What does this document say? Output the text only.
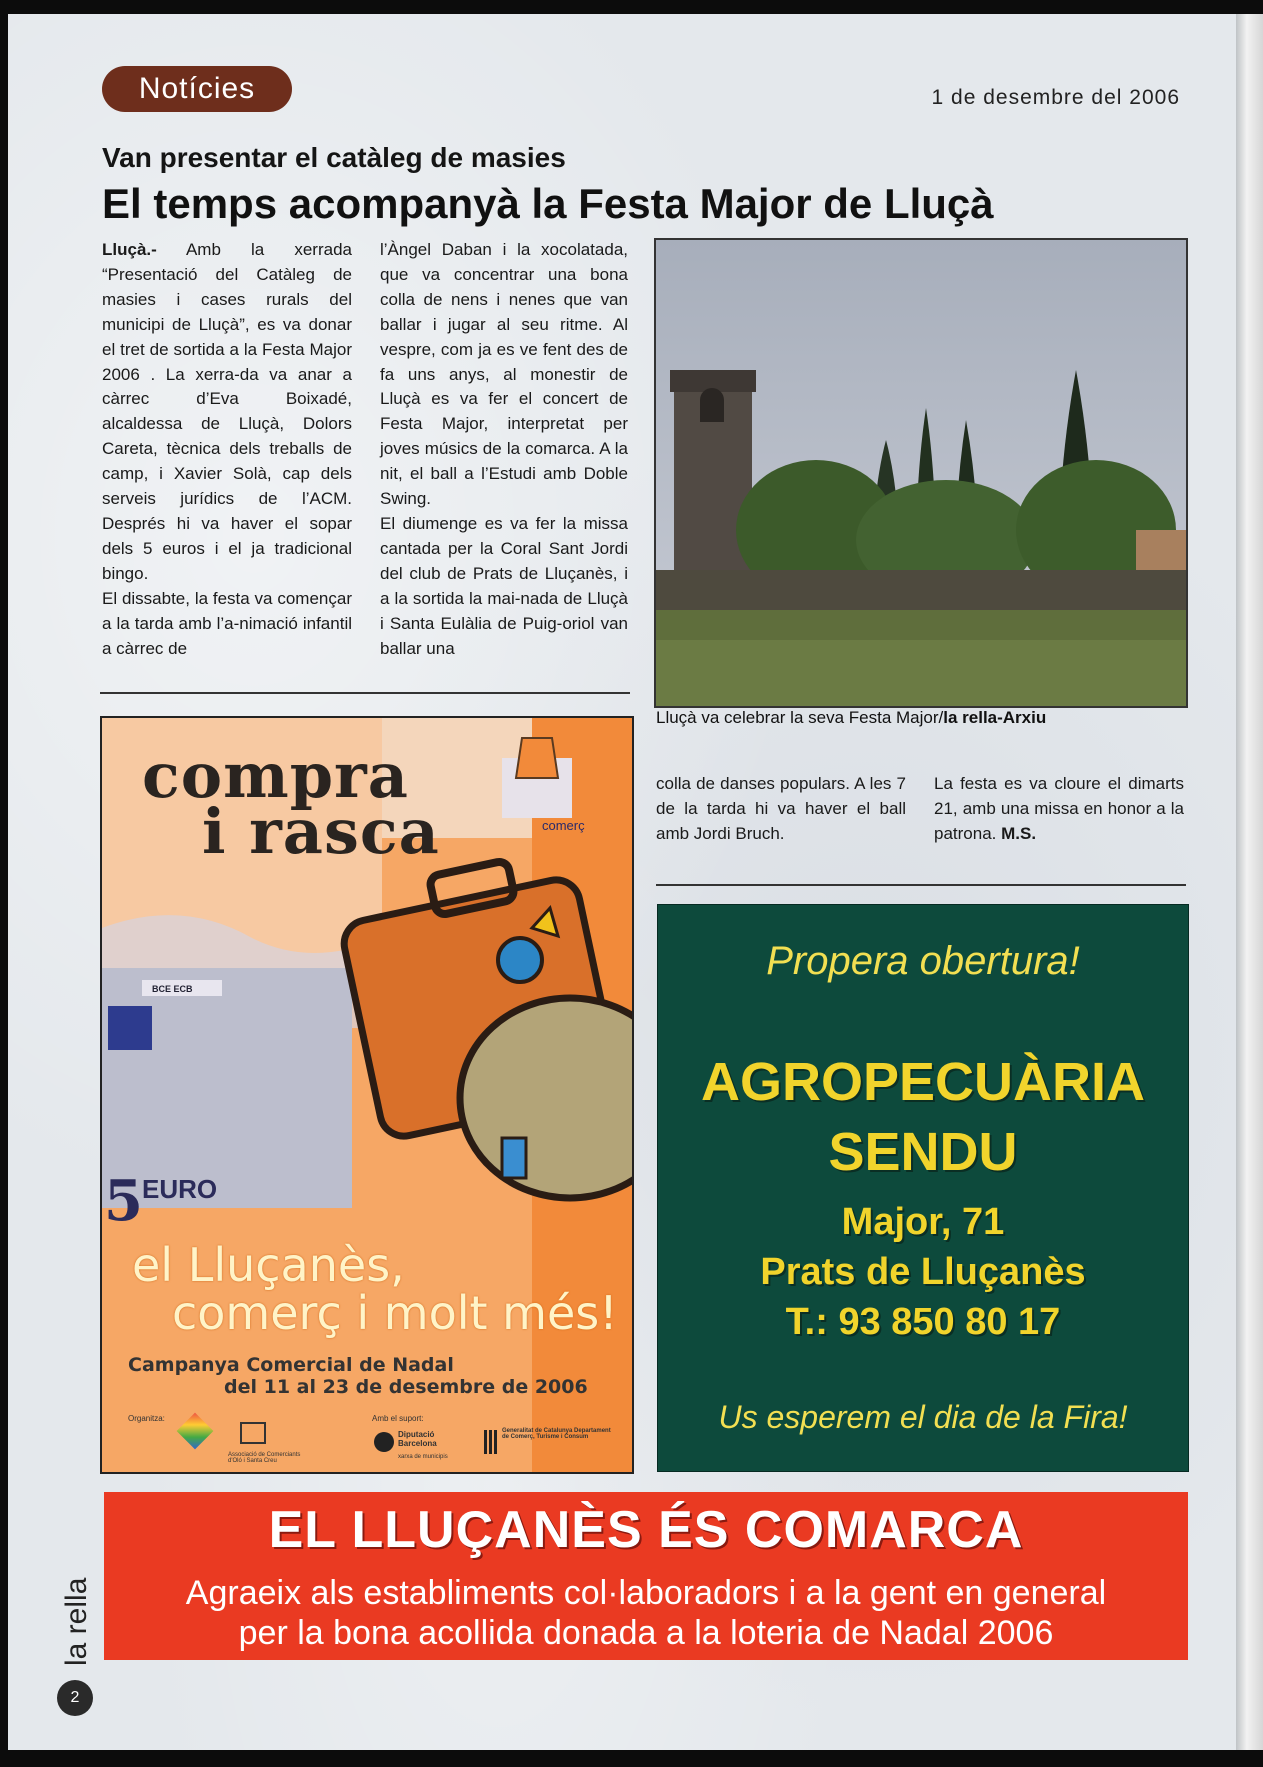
Notícies	1 de desembre del 2006
Van presentar el catàleg de masies
El temps acompanyà la Festa Major de Lluçà

Lluçà.- Amb la xerrada “Presentació del Catàleg de masies i cases rurals del municipi de Lluçà”, es va donar el tret de sortida a la Festa Major 2006 . La xerra-da va anar a càrrec d’Eva Boixadé, alcaldessa de Lluçà, Dolors Careta, tècnica dels treballs de camp, i Xavier Solà, cap dels serveis jurídics de l’ACM. Després hi va haver el sopar dels 5 euros i el ja tradicional bingo.

El dissabte, la festa va començar a la tarda amb l’a-nimació infantil a càrrec de

l’Àngel Daban i la xocolatada, que va concentrar una bona colla de nens i nenes que van ballar i jugar al seu ritme. Al vespre, com ja es ve fent des de fa uns anys, al monestir de Lluçà es va fer el concert de Festa Major, interpretat per joves músics de la comarca. A la nit, el ball a l’Estudi amb Doble Swing.

El diumenge es va fer la missa cantada per la Coral Sant Jordi del club de Prats de Lluçanès, i a la sortida la mai-nada de Lluçà i Santa Eulàlia de Puig-oriol van ballar una

Lluçà va celebrar la seva Festa Major/la rella-Arxiu

colla de danses populars. A les 7 de la tarda hi va haver el ball amb Jordi Bruch.

La festa es va cloure el dimarts 21, amb una missa en honor a la patrona. M.S.

compra
i rasca	comerç
BCE ECB
5 EURO
el Lluçanès,
comerç i molt més!
Campanya Comercial de Nadal
del 11 al 23 de desembre de 2006
Organitza:	Amb el suport:
Associació de Comerciants d'Oló i Santa Creu
Diputació Barcelona
xarxa de municipis
Generalitat de Catalunya Departament de Comerç, Turisme i Consum
Propera obertura!
AGROPECUÀRIA
SENDU
Major, 71
Prats de Lluçanès
T.: 93 850 80 17
Us esperem el dia de la Fira!
EL LLUÇANÈS ÉS COMARCA
Agraeix als establiments col·laboradors i a la gent en general
per la bona acollida donada a la loteria de Nadal 2006
la rella
2
